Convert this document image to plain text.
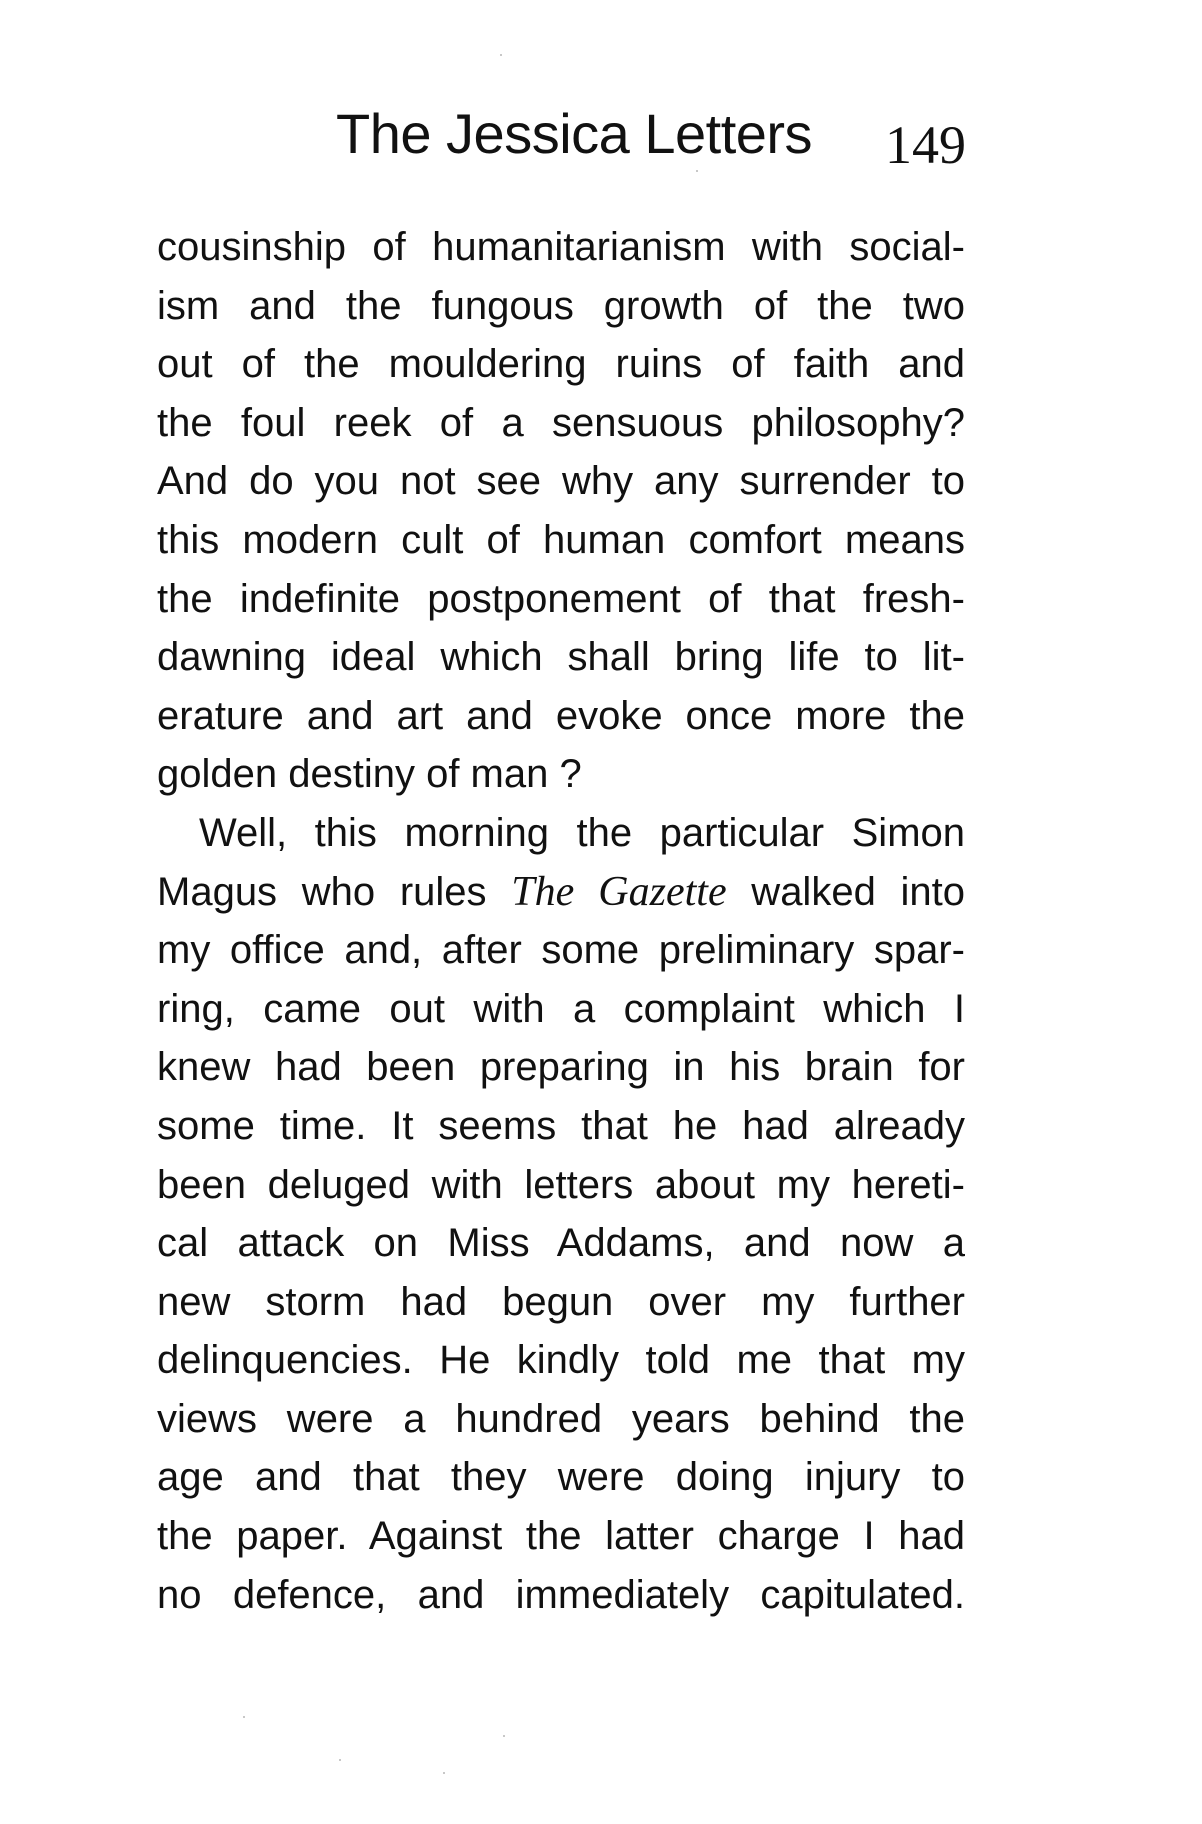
The Jessica Letters 149
cousinship of humanitarianism with social-
ism and the fungous growth of the two
out of the mouldering ruins of faith and
the foul reek of a sensuous philosophy?
And do you not see why any surrender to
this modern cult of human comfort means
the indefinite postponement of that fresh-
dawning ideal which shall bring life to lit-
erature and art and evoke once more the
golden destiny of man ?
Well, this morning the particular Simon
Magus who rules The Gazette walked into
my office and, after some preliminary spar-
ring, came out with a complaint which I
knew had been preparing in his brain for
some time. It seems that he had already
been deluged with letters about my hereti-
cal attack on Miss Addams, and now a
new storm had begun over my further
delinquencies. He kindly told me that my
views were a hundred years behind the
age and that they were doing injury to
the paper. Against the latter charge I had
no defence, and immediately capitulated.
